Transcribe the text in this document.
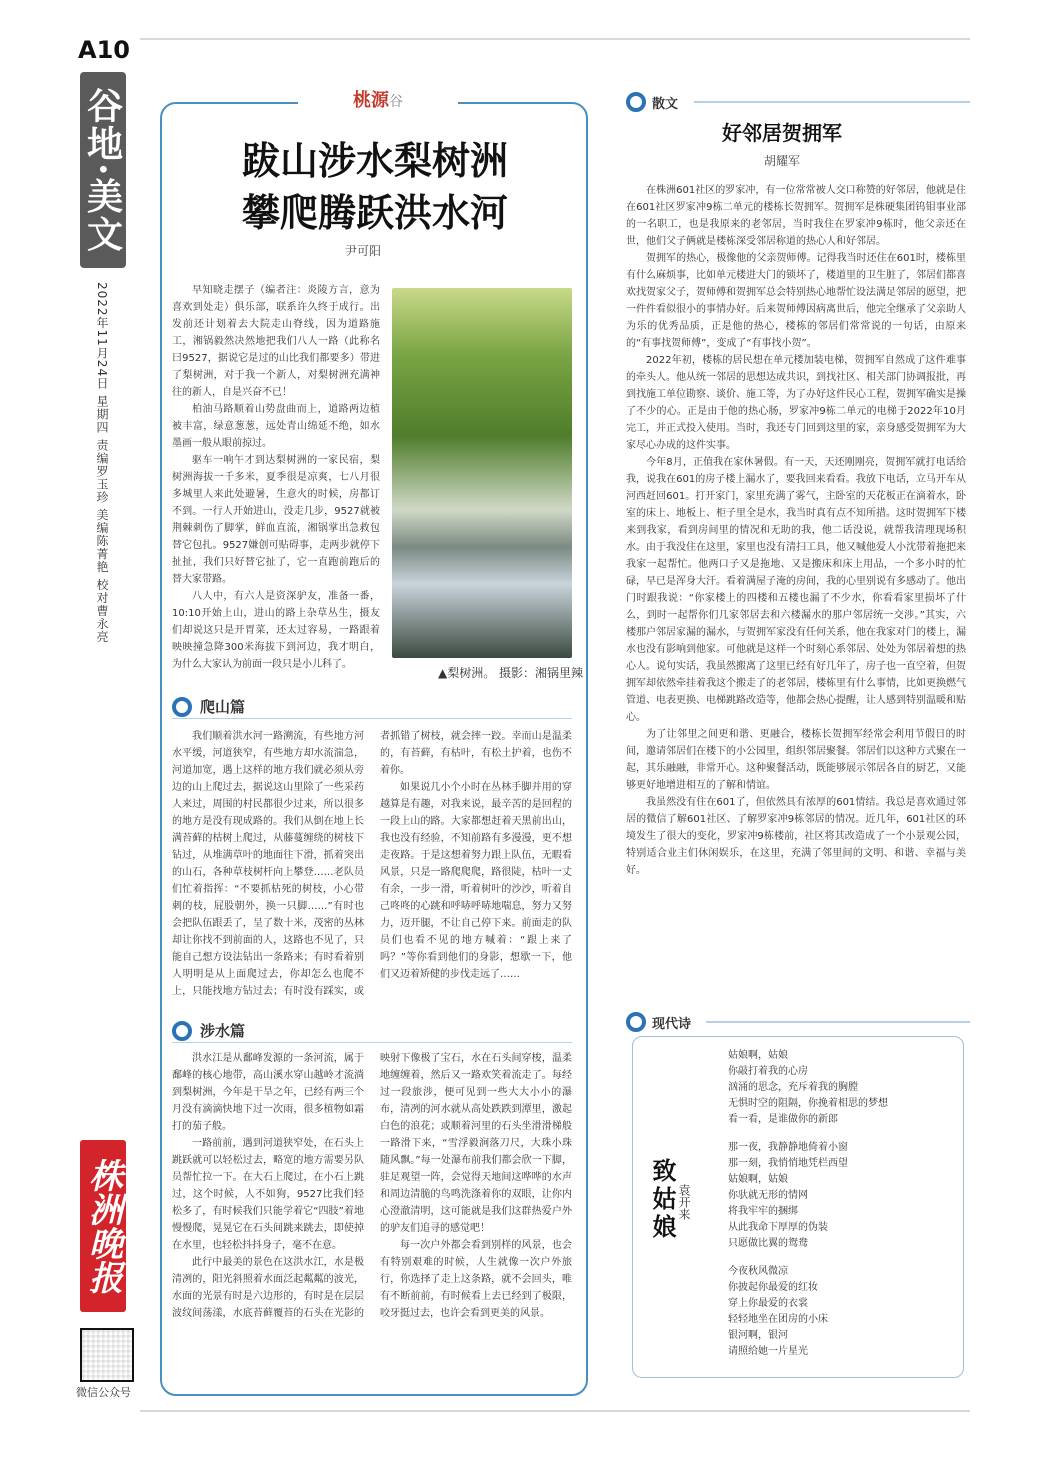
A10
谷地·美文
2022年11月24日 星期四 责编罗玉珍 美编陈菁艳 校对曹永亮
株洲晚报
微信公众号
桃源谷
跋山涉水梨树洲
攀爬腾跃洪水河
尹可阳

早知晓走摆子（编者注：炎陵方言，意为喜欢到处走）俱乐部，联系许久终于成行。出发前还计划着去大院走山脊线，因为道路施工，湘锅毅然决然地把我们八人一路（此称名曰9527，据说它是过的山比我们都要多）带进了梨树洲，对于我一个新人，对梨树洲充满神往的新人，自是兴奋不已！

柏油马路顺着山势盘曲而上，道路两边植被丰富，绿意葱葱，远处青山绵延不绝，如水墨画一般从眼前掠过。

驱车一响午才到达梨树洲的一家民宿，梨树洲海拔一千多米，夏季很是凉爽，七八月很多城里人来此处避暑，生意火的时候，房都订不到。一行人开始进山，没走几步，9527就被荆棘刺伤了脚掌，鲜血直流，湘锅掌出急救包替它包扎。9527嫌创可贴碍事，走两步就停下扯扯，我们只好替它扯了，它一直跑前跑后的替大家带路。

八人中，有六人是资深驴友，准备一番，10:10开始上山，进山的路上杂草丛生，摄友们却说这只是开胃菜，还太过容易，一路跟着映映撞急降300米海拔下到河边，我才明白，为什么大家认为前面一段只是小儿科了。

▲梨树洲。 摄影：湘锅里辣
爬山篇

我们顺着洪水河一路溯流，有些地方河水平缓，河道狭窄，有些地方却水流湍急，河道加宽，遇上这样的地方我们就必须从旁边的山上爬过去，据说这山里除了一些采药人来过，周围的村民都很少过来，所以很多的地方是没有现成路的。我们从倒在地上长满苔藓的枯树上爬过，从藤蔓缠绕的树枝下钻过，从堆满草叶的地面往下滑，抓着突出的山石，各种草枝树杆向上攀登……老队员们忙着指挥：“不要抓枯死的树枝，小心带刺的枝，屁股朝外，换一只脚……”有时也会把队伍跟丢了，呈了数十米，茂密的丛林却让你找不到前面的人，这路也不见了，只能自己想方设法钻出一条路来；有时看着别人明明是从上面爬过去，你却怎么也爬不上，只能找地方钻过去；有时没有踩实，或者抓错了树枝，就会摔一跤。幸而山是温柔的，有苔藓，有枯叶，有松土护着，也伤不着你。

如果说几小个小时在丛林手脚并用的穿越算是有趣，对我来说，最辛苦的是回程的一段上山的路。大家都想赶着天黑前出山，我也没有经验，不知前路有多漫漫，更不想走夜路。于是这想着努力跟上队伍，无暇看风景，只是一路爬爬爬，路很陡，枯叶一丈有余，一步一滑，听着树叶的沙沙，听着自己咚咚的心跳和呼哧呼哧地喘息，努力又努力，迈开腿，不让自己停下来。前面走的队员们也看不见的地方喊着：“跟上来了吗？”等你看到他们的身影，想歇一下，他们又迈着矫健的步伐走远了……

涉水篇

洪水江是从鄱峰发源的一条河流，属于鄱峰的核心地带，高山溪水穿山越岭才流淌到梨树洲，今年是干旱之年，已经有两三个月没有滴滴快地下过一次雨，很多植物如霜打的茄子般。

一路前前，遇到河道狭窄处，在石头上跳跃就可以轻松过去，略宽的地方需要另队员帮忙拉一下。在大石上爬过，在小石上跳过，这个时候，人不如狗，9527比我们轻松多了，有时候我们只能学着它“四肢”着地慢慢爬，晃晃它在石头间跳来跳去，即使掉在水里，也轻松抖抖身子，毫不在意。

此行中最美的景色在这洪水江，水是极清冽的，阳光斜照着水面泛起粼粼的波光，水面的光景有时是六边形的，有时是在层层波纹间荡漾，水底苔藓覆苔的石头在光影的映射下像极了宝石，水在石头间穿梭，温柔地缠缠着，然后又一路欢笑着流走了。每经过一段旅涉，便可见到一些大大小小的瀑布，清冽的河水就从高处跌跌到潭里，激起白色的浪花；或顺着河里的石头坐滑滑梯般一路滑下来，“雪浮毅涧落刀尺，大珠小珠随风飘。”每一处瀑布前我们都会欣一下脚，驻足观望一阵，会觉得天地间这哗哗的水声和周边清脆的鸟鸣洗涤着你的双眼，让你内心澄澈清明，这可能就是我们这群热爱户外的驴友们追寻的感觉吧！

每一次户外都会看到别样的风景，也会有特别艰难的时候，人生就像一次户外旅行，你选择了走上这条路，就不会回头，唯有不断前前，有时候看上去已经到了极限，咬牙挺过去，也许会看到更美的风景。

散文
好邻居贺拥军
胡耀军

在株洲601社区的罗家冲，有一位常常被人交口称赞的好邻居，他就是住在601社区罗家冲9栋二单元的楼栋长贺拥军。贺拥军是株硬集团钨钼事业部的一名职工，也是我原来的老邻居，当时我住在罗家冲9栋时，他父亲还在世，他们父子俩就是楼栋深受邻居称道的热心人和好邻居。

贺拥军的热心，极像他的父亲贺师傅。记得我当时还住在601时，楼栋里有什么麻烦事，比如单元楼进大门的锁坏了，楼道里的卫生脏了，邻居们都喜欢找贺家父子，贺师傅和贺拥军总会特别热心地帮忙设法满足邻居的愿望，把一件件看似很小的事情办好。后来贺师傅因病离世后，他完全继承了父亲助人为乐的优秀品质，正是他的热心，楼栋的邻居们常常说的一句话，由原来的“有事找贺师傅”，变成了“有事找小贺”。

2022年初，楼栋的居民想在单元楼加装电梯，贺拥军自然成了这件难事的牵头人。他从统一邻居的思想达成共识，到找社区、相关部门协调报批，再到找施工单位勘察、谈价、施工等，为了办好这件民心工程，贺拥军确实是操了不少的心。正是由于他的热心肠，罗家冲9栋二单元的电梯于2022年10月完工，并正式投入使用。当时，我还专门回到这里的家，亲身感受贺拥军为大家尽心办成的这件实事。

今年8月，正值我在家休暑假。有一天，天还刚刚亮，贺拥军就打电话给我，说我在601的房子楼上漏水了，要我回来看看。我放下电话，立马开车从河西赶回601。打开家门，家里充满了雾气，主卧室的天花板正在滴着水，卧室的床上、地板上、柜子里全是水，我当时真有点不知所措。这时贺拥军下楼来到我家，看到房间里的情况和无助的我，他二话没说，就帮我清理现场积水。由于我没住在这里，家里也没有清扫工具，他又喊他爱人小沈带着拖把来我家一起帮忙。他两口子又是拖地、又是搬床和床上用品，一个多小时的忙碌，早已是浑身大汗。看着满屋子淹的房间，我的心里别说有多感动了。他出门时跟我说：“你家楼上的四楼和五楼也漏了不少水，你看看家里损坏了什么，到时一起帮你们几家邻居去和六楼漏水的那户邻居统一交涉。”其实，六楼那户邻居家漏的漏水，与贺拥军家没有任何关系，他在我家对门的楼上，漏水也没有影响到他家。可他就是这样一个时刻心系邻居、处处为邻居着想的热心人。说句实话，我虽然搬离了这里已经有好几年了，房子也一直空着，但贺拥军却依然牵挂着我这个搬走了的老邻居，楼栋里有什么事情，比如更换燃气管道、电表更换、电梯跳路改造等，他都会热心提醒，让人感到特别温暖和贴心。

为了让邻里之间更和谐、更融合，楼栋长贺拥军经常会利用节假日的时间，邀请邻居们在楼下的小公园里，组织邻居聚餐。邻居们以这种方式聚在一起，其乐融融，非常开心。这种聚餐活动，既能够展示邻居各自的厨艺，又能够更好地增进相互的了解和情谊。

我虽然没有住在601了，但依然具有浓厚的601情结。我总是喜欢通过邻居的微信了解601社区、了解罗家冲9栋邻居的情况。近几年，601社区的环境发生了很大的变化，罗家冲9栋楼前，社区将其改造成了一个小景观公园，特别适合业主们休闲娱乐，在这里，充满了邻里间的文明、和谐、幸福与美好。

现代诗
致姑娘 袁开来
姑娘啊，姑娘
你敲打着我的心房
汹涌的思念，充斥着我的胸膛
无惧时空的阻隔，你挽着相思的梦想
看一看，是谁做你的新郎
那一夜，我静静地倚着小窗
那一刻，我悄悄地凭栏西望
姑娘啊，姑娘
你驮就无形的情网
将我牢牢的捆绑
从此我命下厚厚的伪装
只愿做比翼的鸳鸯
今夜秋风微凉
你披起你最爱的红妆
穿上你最爱的衣裳
轻轻地坐在团房的小床
银河啊，银河
请照给她一片星光
